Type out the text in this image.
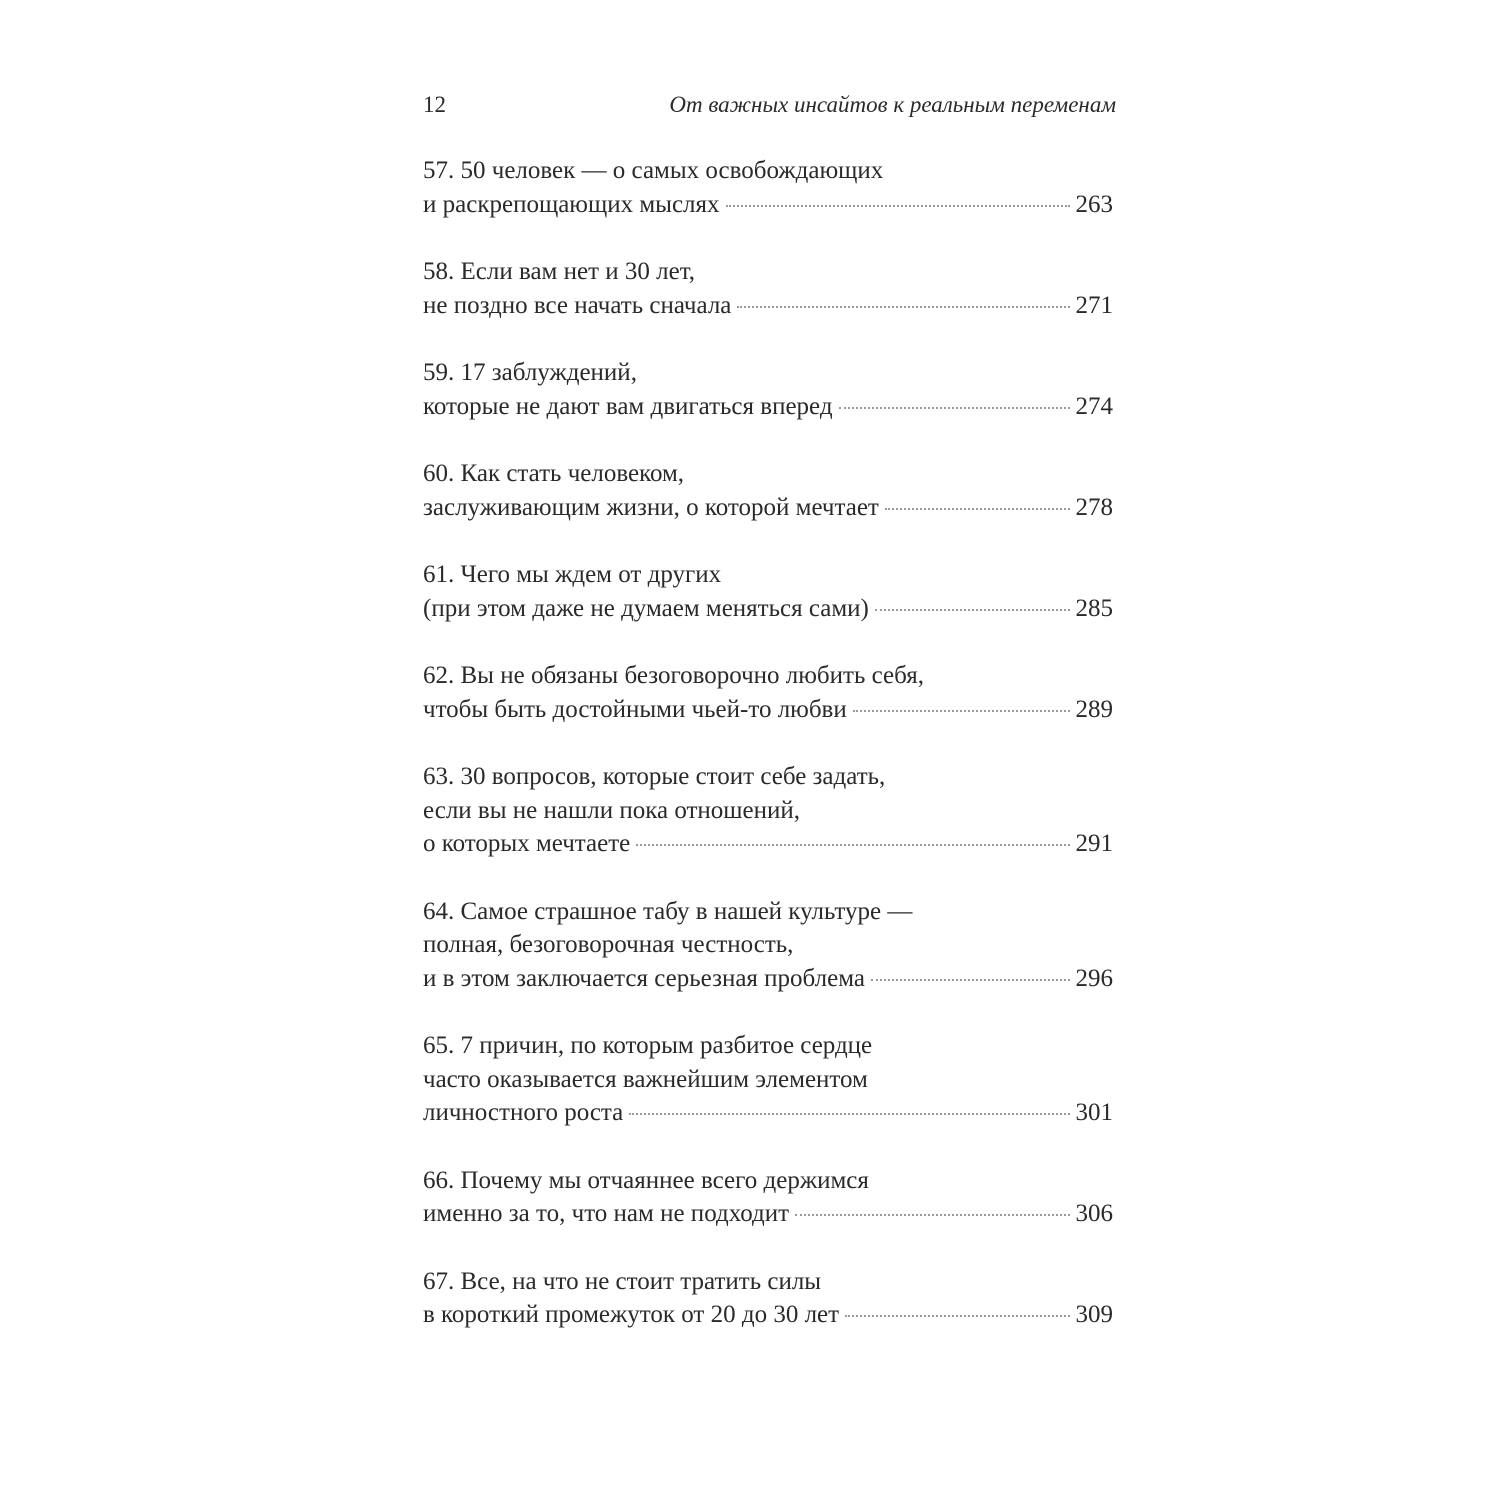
12	От важных инсайтов к реальным переменам
57. 50 человек — о самых освобождающих
и раскрепощающих мыслях	263
58. Если вам нет и 30 лет,
не поздно все начать сначала	271
59. 17 заблуждений,
которые не дают вам двигаться вперед	274
60. Как стать человеком,
заслуживающим жизни, о которой мечтает	278
61. Чего мы ждем от других
(при этом даже не думаем меняться сами)	285
62. Вы не обязаны безоговорочно любить себя,
чтобы быть достойными чьей-то любви	289
63. 30 вопросов, которые стоит себе задать,
если вы не нашли пока отношений,
о которых мечтаете	291
64. Самое страшное табу в нашей культуре —
полная, безоговорочная честность,
и в этом заключается серьезная проблема	296
65. 7 причин, по которым разбитое сердце
часто оказывается важнейшим элементом
личностного роста	301
66. Почему мы отчаяннее всего держимся
именно за то, что нам не подходит	306
67. Все, на что не стоит тратить силы
в короткий промежуток от 20 до 30 лет	309
